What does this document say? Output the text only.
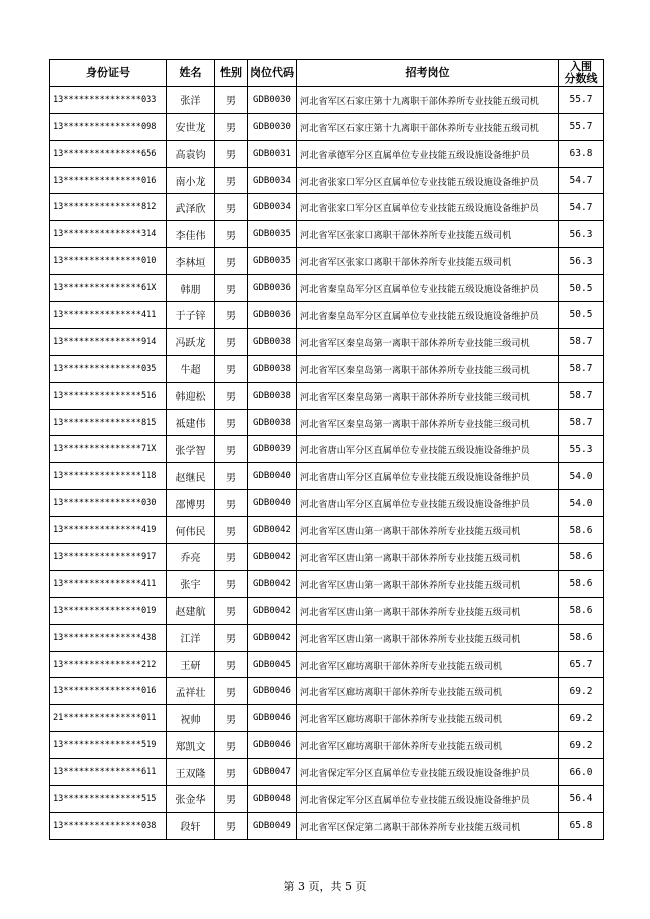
身份证号	姓名	性别	岗位代码	招考岗位	入围
分数线
13***************033	张洋	男	GDB0030	河北省军区石家庄第十九离职干部休养所专业技能五级司机	55.7
13***************098	安世龙	男	GDB0030	河北省军区石家庄第十九离职干部休养所专业技能五级司机	55.7
13***************656	高袁钧	男	GDB0031	河北省承德军分区直属单位专业技能五级设施设备维护员	63.8
13***************016	南小龙	男	GDB0034	河北省张家口军分区直属单位专业技能五级设施设备维护员	54.7
13***************812	武泽欣	男	GDB0034	河北省张家口军分区直属单位专业技能五级设施设备维护员	54.7
13***************314	李佳伟	男	GDB0035	河北省军区张家口离职干部休养所专业技能五级司机	56.3
13***************010	李林垣	男	GDB0035	河北省军区张家口离职干部休养所专业技能五级司机	56.3
13***************61X	韩朋	男	GDB0036	河北省秦皇岛军分区直属单位专业技能五级设施设备维护员	50.5
13***************411	于子锌	男	GDB0036	河北省秦皇岛军分区直属单位专业技能五级设施设备维护员	50.5
13***************914	冯跃龙	男	GDB0038	河北省军区秦皇岛第一离职干部休养所专业技能三级司机	58.7
13***************035	牛超	男	GDB0038	河北省军区秦皇岛第一离职干部休养所专业技能三级司机	58.7
13***************516	韩迎松	男	GDB0038	河北省军区秦皇岛第一离职干部休养所专业技能三级司机	58.7
13***************815	祗建伟	男	GDB0038	河北省军区秦皇岛第一离职干部休养所专业技能三级司机	58.7
13***************71X	张学智	男	GDB0039	河北省唐山军分区直属单位专业技能五级设施设备维护员	55.3
13***************118	赵继民	男	GDB0040	河北省唐山军分区直属单位专业技能五级设施设备维护员	54.0
13***************030	邵博男	男	GDB0040	河北省唐山军分区直属单位专业技能五级设施设备维护员	54.0
13***************419	何伟民	男	GDB0042	河北省军区唐山第一离职干部休养所专业技能五级司机	58.6
13***************917	乔亮	男	GDB0042	河北省军区唐山第一离职干部休养所专业技能五级司机	58.6
13***************411	张宇	男	GDB0042	河北省军区唐山第一离职干部休养所专业技能五级司机	58.6
13***************019	赵建航	男	GDB0042	河北省军区唐山第一离职干部休养所专业技能五级司机	58.6
13***************438	江洋	男	GDB0042	河北省军区唐山第一离职干部休养所专业技能五级司机	58.6
13***************212	王研	男	GDB0045	河北省军区廊坊离职干部休养所专业技能五级司机	65.7
13***************016	孟祥壮	男	GDB0046	河北省军区廊坊离职干部休养所专业技能五级司机	69.2
21***************011	祝帅	男	GDB0046	河北省军区廊坊离职干部休养所专业技能五级司机	69.2
13***************519	郑凯文	男	GDB0046	河北省军区廊坊离职干部休养所专业技能五级司机	69.2
13***************611	王双隆	男	GDB0047	河北省保定军分区直属单位专业技能五级设施设备维护员	66.0
13***************515	张金华	男	GDB0048	河北省保定军分区直属单位专业技能五级设施设备维护员	56.4
13***************038	段轩	男	GDB0049	河北省军区保定第二离职干部休养所专业技能五级司机	65.8
第 3 页，共 5 页
